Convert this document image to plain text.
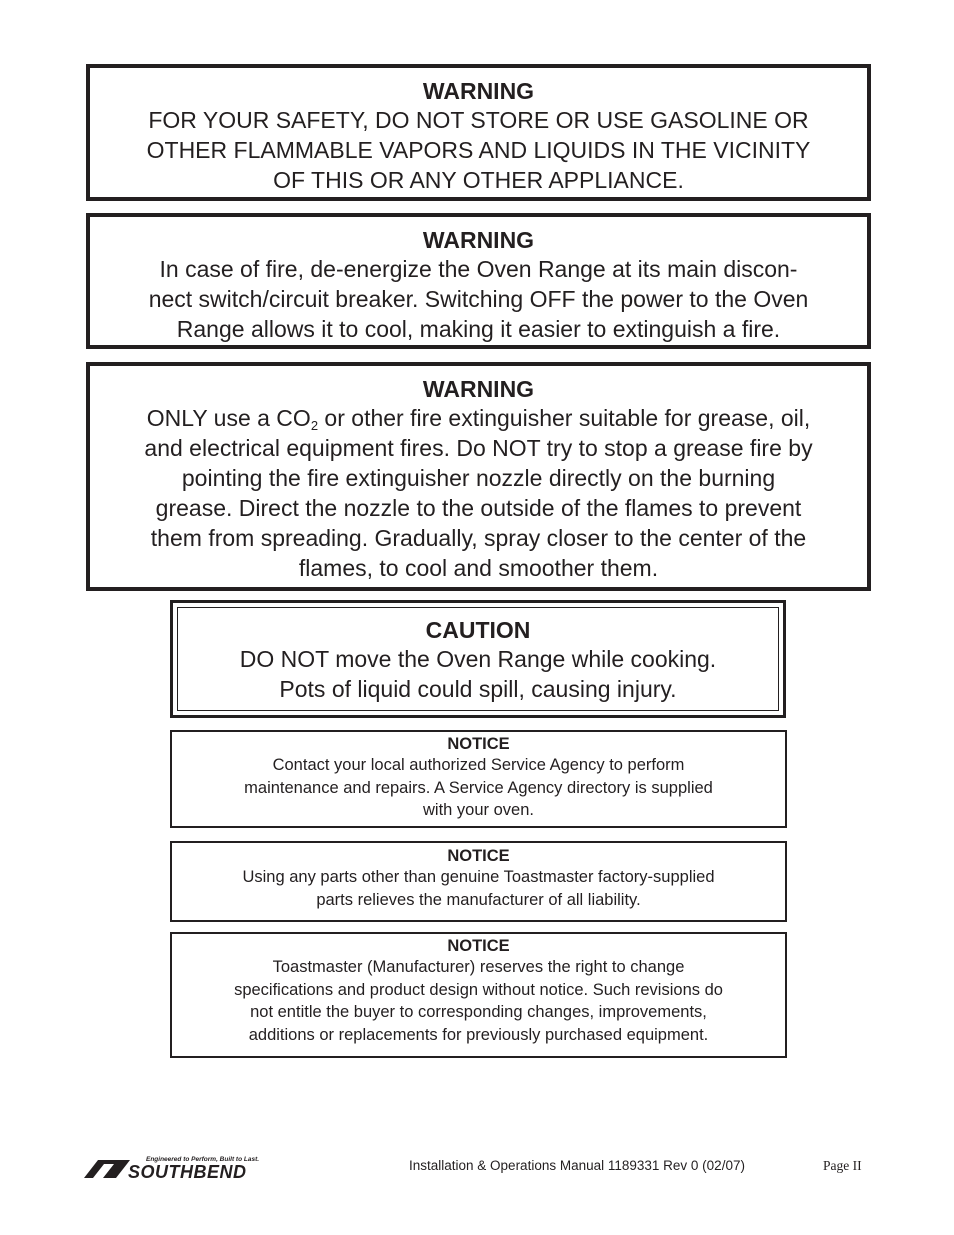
WARNING
FOR YOUR SAFETY, DO NOT STORE OR USE GASOLINE OR
OTHER FLAMMABLE VAPORS AND LIQUIDS IN THE VICINITY
OF THIS OR ANY OTHER APPLIANCE.
WARNING
In case of fire, de-energize the Oven Range at its main discon-
nect switch/circuit breaker. Switching OFF the power to the Oven
Range allows it to cool, making it easier to extinguish a fire.
WARNING
ONLY use a $CO_2$ or other fire extinguisher suitable for grease, oil,
and electrical equipment fires. Do NOT try to stop a grease fire by
pointing the fire extinguisher nozzle directly on the burning
grease. Direct the nozzle to the outside of the flames to prevent
them from spreading. Gradually, spray closer to the center of the
flames, to cool and smoother them.
CAUTION
DO NOT move the Oven Range while cooking.
Pots of liquid could spill, causing injury.
NOTICE
Contact your local authorized Service Agency to perform
maintenance and repairs. A Service Agency directory is supplied
with your oven.
NOTICE
Using any parts other than genuine Toastmaster factory-supplied
parts relieves the manufacturer of all liability.
NOTICE
Toastmaster (Manufacturer) reserves the right to change
specifications and product design without notice. Such revisions do
not entitle the buyer to corresponding changes, improvements,
additions or replacements for previously purchased equipment.
Engineered to Perform, Built to Last.
SOUTHBEND	Installation & Operations Manual 1189331 Rev 0 (02/07)	Page II
